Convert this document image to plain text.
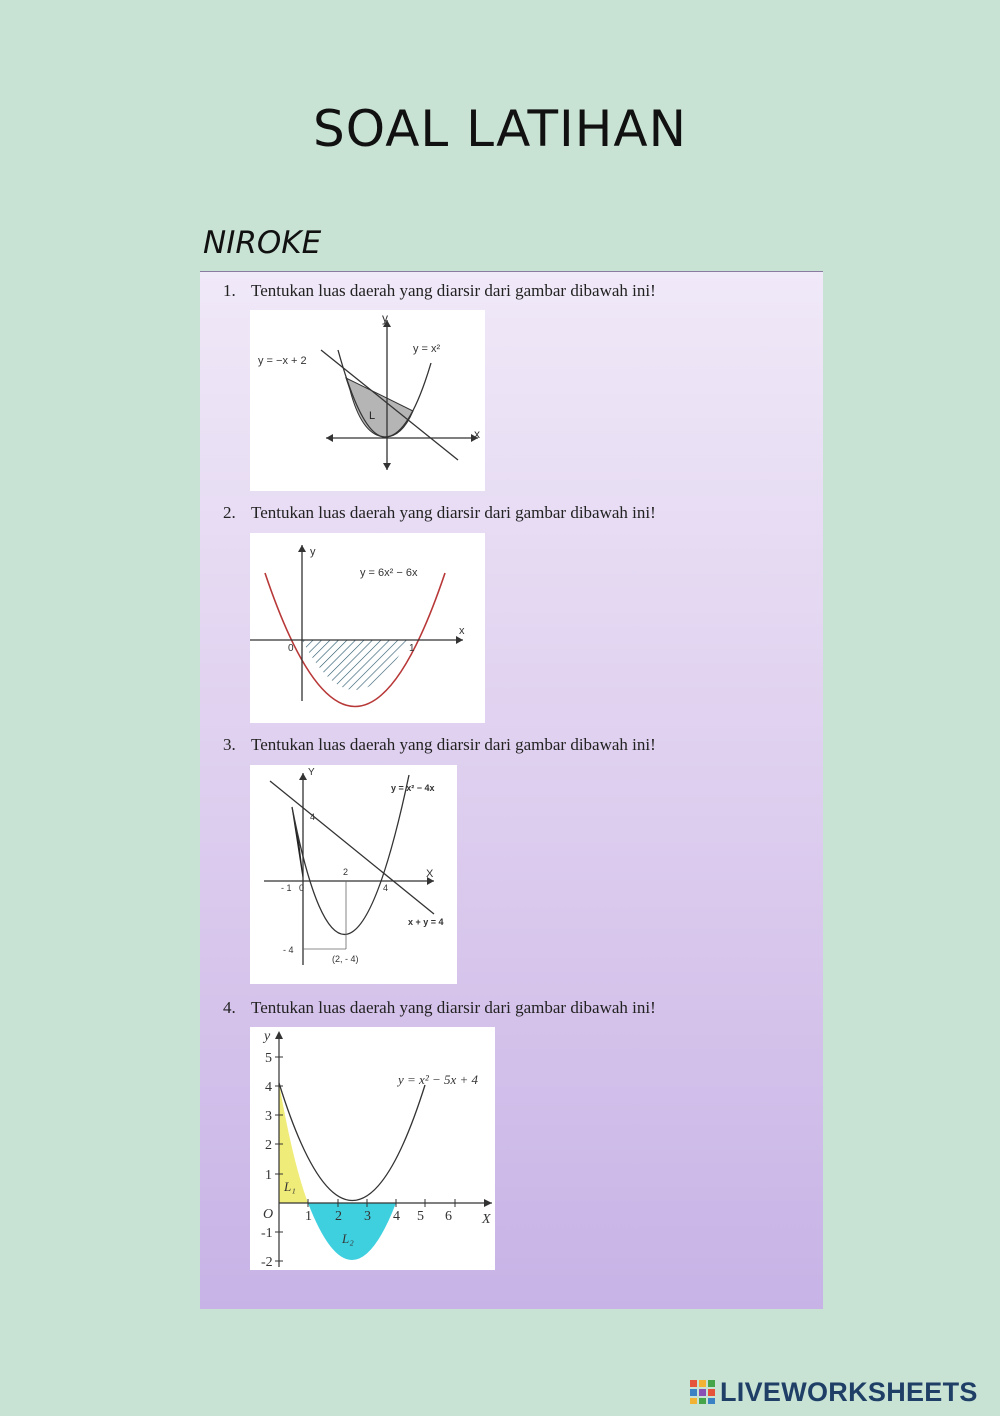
SOAL LATIHAN
NIROKE
1. Tentukan luas daerah yang diarsir dari gambar dibawah ini!
y
x
y = −x + 2
y = x²
L
2. Tentukan luas daerah yang diarsir dari gambar dibawah ini!
y
x
y = 6x² − 6x
0	1
3. Tentukan luas daerah yang diarsir dari gambar dibawah ini!
Y
X
y = x² − 4x
x + y = 4
4
- 1 0
2
4
- 4
(2, - 4)
4. Tentukan luas daerah yang diarsir dari gambar dibawah ini!
y
X
O
y = x² − 5x + 4
L₁
L₂
5
4
3
2
1
-1
-2
1 2 3 4 5 6
LIVEWORKSHEETS
